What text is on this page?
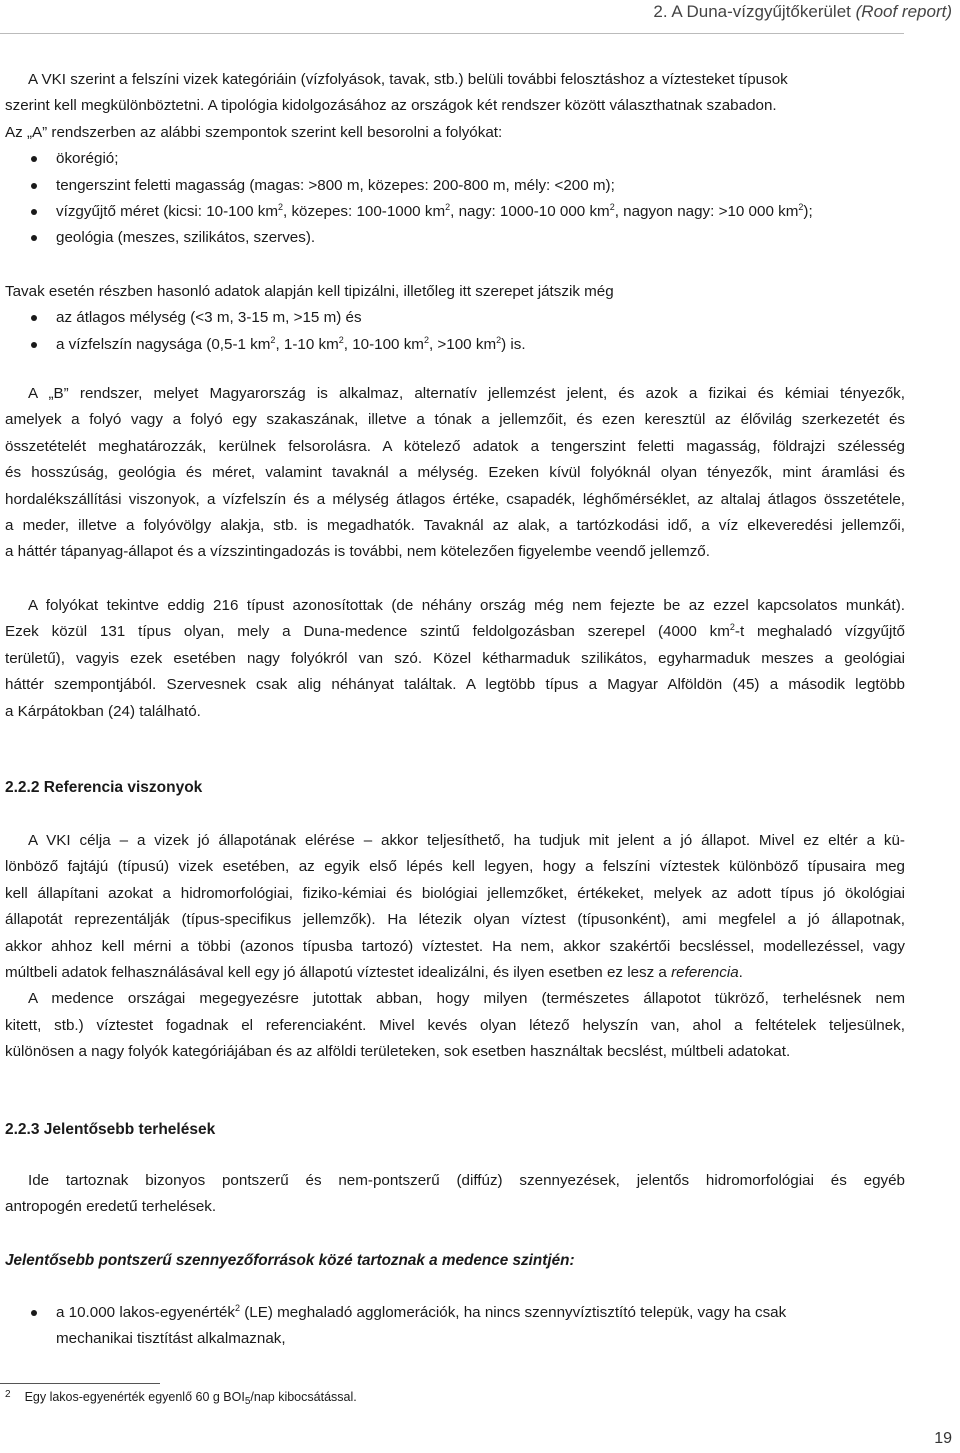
2. A Duna-vízgyűjtőkerület (Roof report)
A VKI szerint a felszíni vizek kategóriáin (vízfolyások, tavak, stb.) belüli további felosztáshoz a víztesteket típusok
szerint kell megkülönböztetni. A tipológia kidolgozásához az országok két rendszer között választhatnak szabadon.
Az „A” rendszerben az alábbi szempontok szerint kell besorolni a folyókat:
ökorégió;
tengerszint feletti magasság (magas: >800 m, közepes: 200-800 m, mély: <200 m);
vízgyűjtő méret (kicsi: 10-100 $km^2$, közepes: 100-1000 $km^2$, nagy: 1000-10 000 $km^2$, nagyon nagy: >10 000 $km^2$);
geológia (meszes, szilikátos, szerves).
Tavak esetén részben hasonló adatok alapján kell tipizálni, illetőleg itt szerepet játszik még
az átlagos mélység (<3 m, 3-15 m, >15 m) és
a vízfelszín nagysága (0,5-1 $km^2$, 1-10 $km^2$, 10-100 $km^2$, >100 $km^2$) is.
A „B” rendszer, melyet Magyarország is alkalmaz, alternatív jellemzést jelent, és azok a fizikai és kémiai tényezők,
amelyek a folyó vagy a folyó egy szakaszának, illetve a tónak a jellemzőit, és ezen keresztül az élővilág szerkezetét és
összetételét meghatározzák, kerülnek felsorolásra. A kötelező adatok a tengerszint feletti magasság, földrajzi szélesség
és hosszúság, geológia és méret, valamint tavaknál a mélység. Ezeken kívül folyóknál olyan tényezők, mint áramlási és
hordalékszállítási viszonyok, a vízfelszín és a mélység átlagos értéke, csapadék, léghőmérséklet, az altalaj átlagos összetétele,
a meder, illetve a folyóvölgy alakja, stb. is megadhatók. Tavaknál az alak, a tartózkodási idő, a víz elkeveredési jellemzői,
a háttér tápanyag-állapot és a vízszintingadozás is további, nem kötelezően figyelembe veendő jellemző.
A folyókat tekintve eddig 216 típust azonosítottak (de néhány ország még nem fejezte be az ezzel kapcsolatos munkát).
Ezek közül 131 típus olyan, mely a Duna-medence szintű feldolgozásban szerepel (4000 $km^2-t$ meghaladó vízgyűjtő
területű), vagyis ezek esetében nagy folyókról van szó. Közel kétharmaduk szilikátos, egyharmaduk meszes a geológiai
háttér szempontjából. Szervesnek csak alig néhányat találtak. A legtöbb típus a Magyar Alföldön (45) a második legtöbb
a Kárpátokban (24) található.
2.2.2 Referencia viszonyok
A VKI célja – a vizek jó állapotának elérése – akkor teljesíthető, ha tudjuk mit jelent a jó állapot. Mivel ez eltér a kü-
lönböző fajtájú (típusú) vizek esetében, az egyik első lépés kell legyen, hogy a felszíni víztestek különböző típusaira meg
kell állapítani azokat a hidromorfológiai, fiziko-kémiai és biológiai jellemzőket, értékeket, melyek az adott típus jó ökológiai
állapotát reprezentálják (típus-specifikus jellemzők). Ha létezik olyan víztest (típusonként), ami megfelel a jó állapotnak,
akkor ahhoz kell mérni a többi (azonos típusba tartozó) víztestet. Ha nem, akkor szakértői becsléssel, modellezéssel, vagy
múltbeli adatok felhasználásával kell egy jó állapotú víztestet idealizálni, és ilyen esetben ez lesz a referencia.
A medence országai megegyezésre jutottak abban, hogy milyen (természetes állapotot tükröző, terhelésnek nem
kitett, stb.) víztestet fogadnak el referenciaként. Mivel kevés olyan létező helyszín van, ahol a feltételek teljesülnek,
különösen a nagy folyók kategóriájában és az alföldi területeken, sok esetben használtak becslést, múltbeli adatokat.
2.2.3 Jelentősebb terhelések
Ide tartoznak bizonyos pontszerű és nem-pontszerű (diffúz) szennyezések, jelentős hidromorfológiai és egyéb
antropogén eredetű terhelések.
Jelentősebb pontszerű szennyezőforrások közé tartoznak a medence szintjén:
a 10.000 lakos-egyenérték$^2$ (LE) meghaladó agglomerációk, ha nincs szennyvíztisztító telepük, vagy ha csak
mechanikai tisztítást alkalmaznak,
$^2$ Egy lakos-egyenérték egyenlő 60 g $BOI_5$/nap kibocsátással.
19
